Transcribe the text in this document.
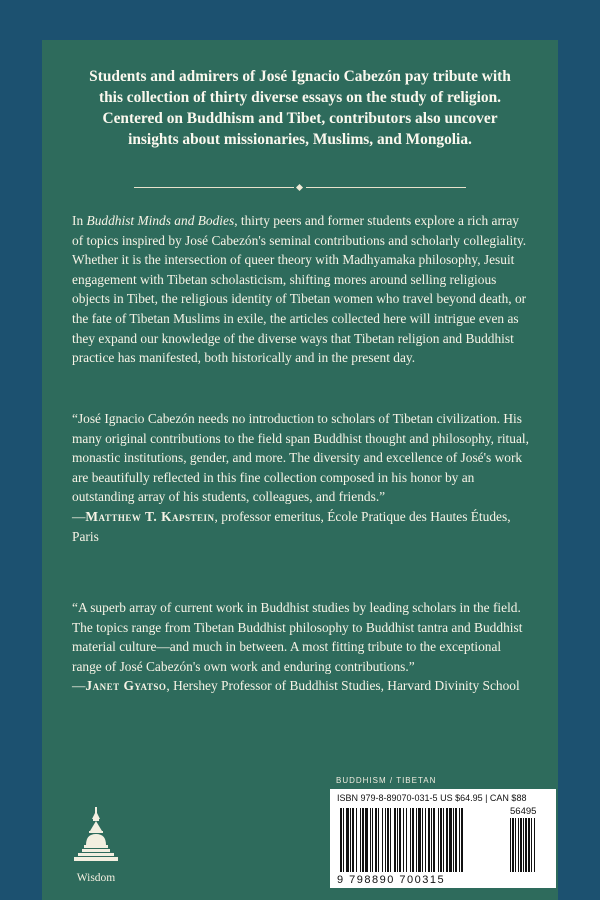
Students and admirers of José Ignacio Cabezón pay tribute with this collection of thirty diverse essays on the study of religion. Centered on Buddhism and Tibet, contributors also uncover insights about missionaries, Muslims, and Mongolia.
In Buddhist Minds and Bodies, thirty peers and former students explore a rich array of topics inspired by José Cabezón's seminal contributions and scholarly collegiality. Whether it is the intersection of queer theory with Madhyamaka philosophy, Jesuit engagement with Tibetan scholasticism, shifting mores around selling religious objects in Tibet, the religious identity of Tibetan women who travel beyond death, or the fate of Tibetan Muslims in exile, the articles collected here will intrigue even as they expand our knowledge of the diverse ways that Tibetan religion and Buddhist practice has manifested, both historically and in the present day.
“José Ignacio Cabezón needs no introduction to scholars of Tibetan civilization. His many original contributions to the field span Buddhist thought and philosophy, ritual, monastic institutions, gender, and more. The diversity and excellence of José's work are beautifully reflected in this fine collection composed in his honor by an outstanding array of his students, colleagues, and friends.”
—Matthew T. Kapstein, professor emeritus, École Pratique des Hautes Études, Paris
“A superb array of current work in Buddhist studies by leading scholars in the field. The topics range from Tibetan Buddhist philosophy to Buddhist tantra and Buddhist material culture—and much in between. A most fitting tribute to the exceptional range of José Cabezón's own work and enduring contributions.”
—Janet Gyatso, Hershey Professor of Buddhist Studies, Harvard Divinity School
BUDDHISM / TIBETAN
ISBN 979-8-89070-031-5 US $64.95 | CAN $88
56495
9 798890 700315
Wisdom
